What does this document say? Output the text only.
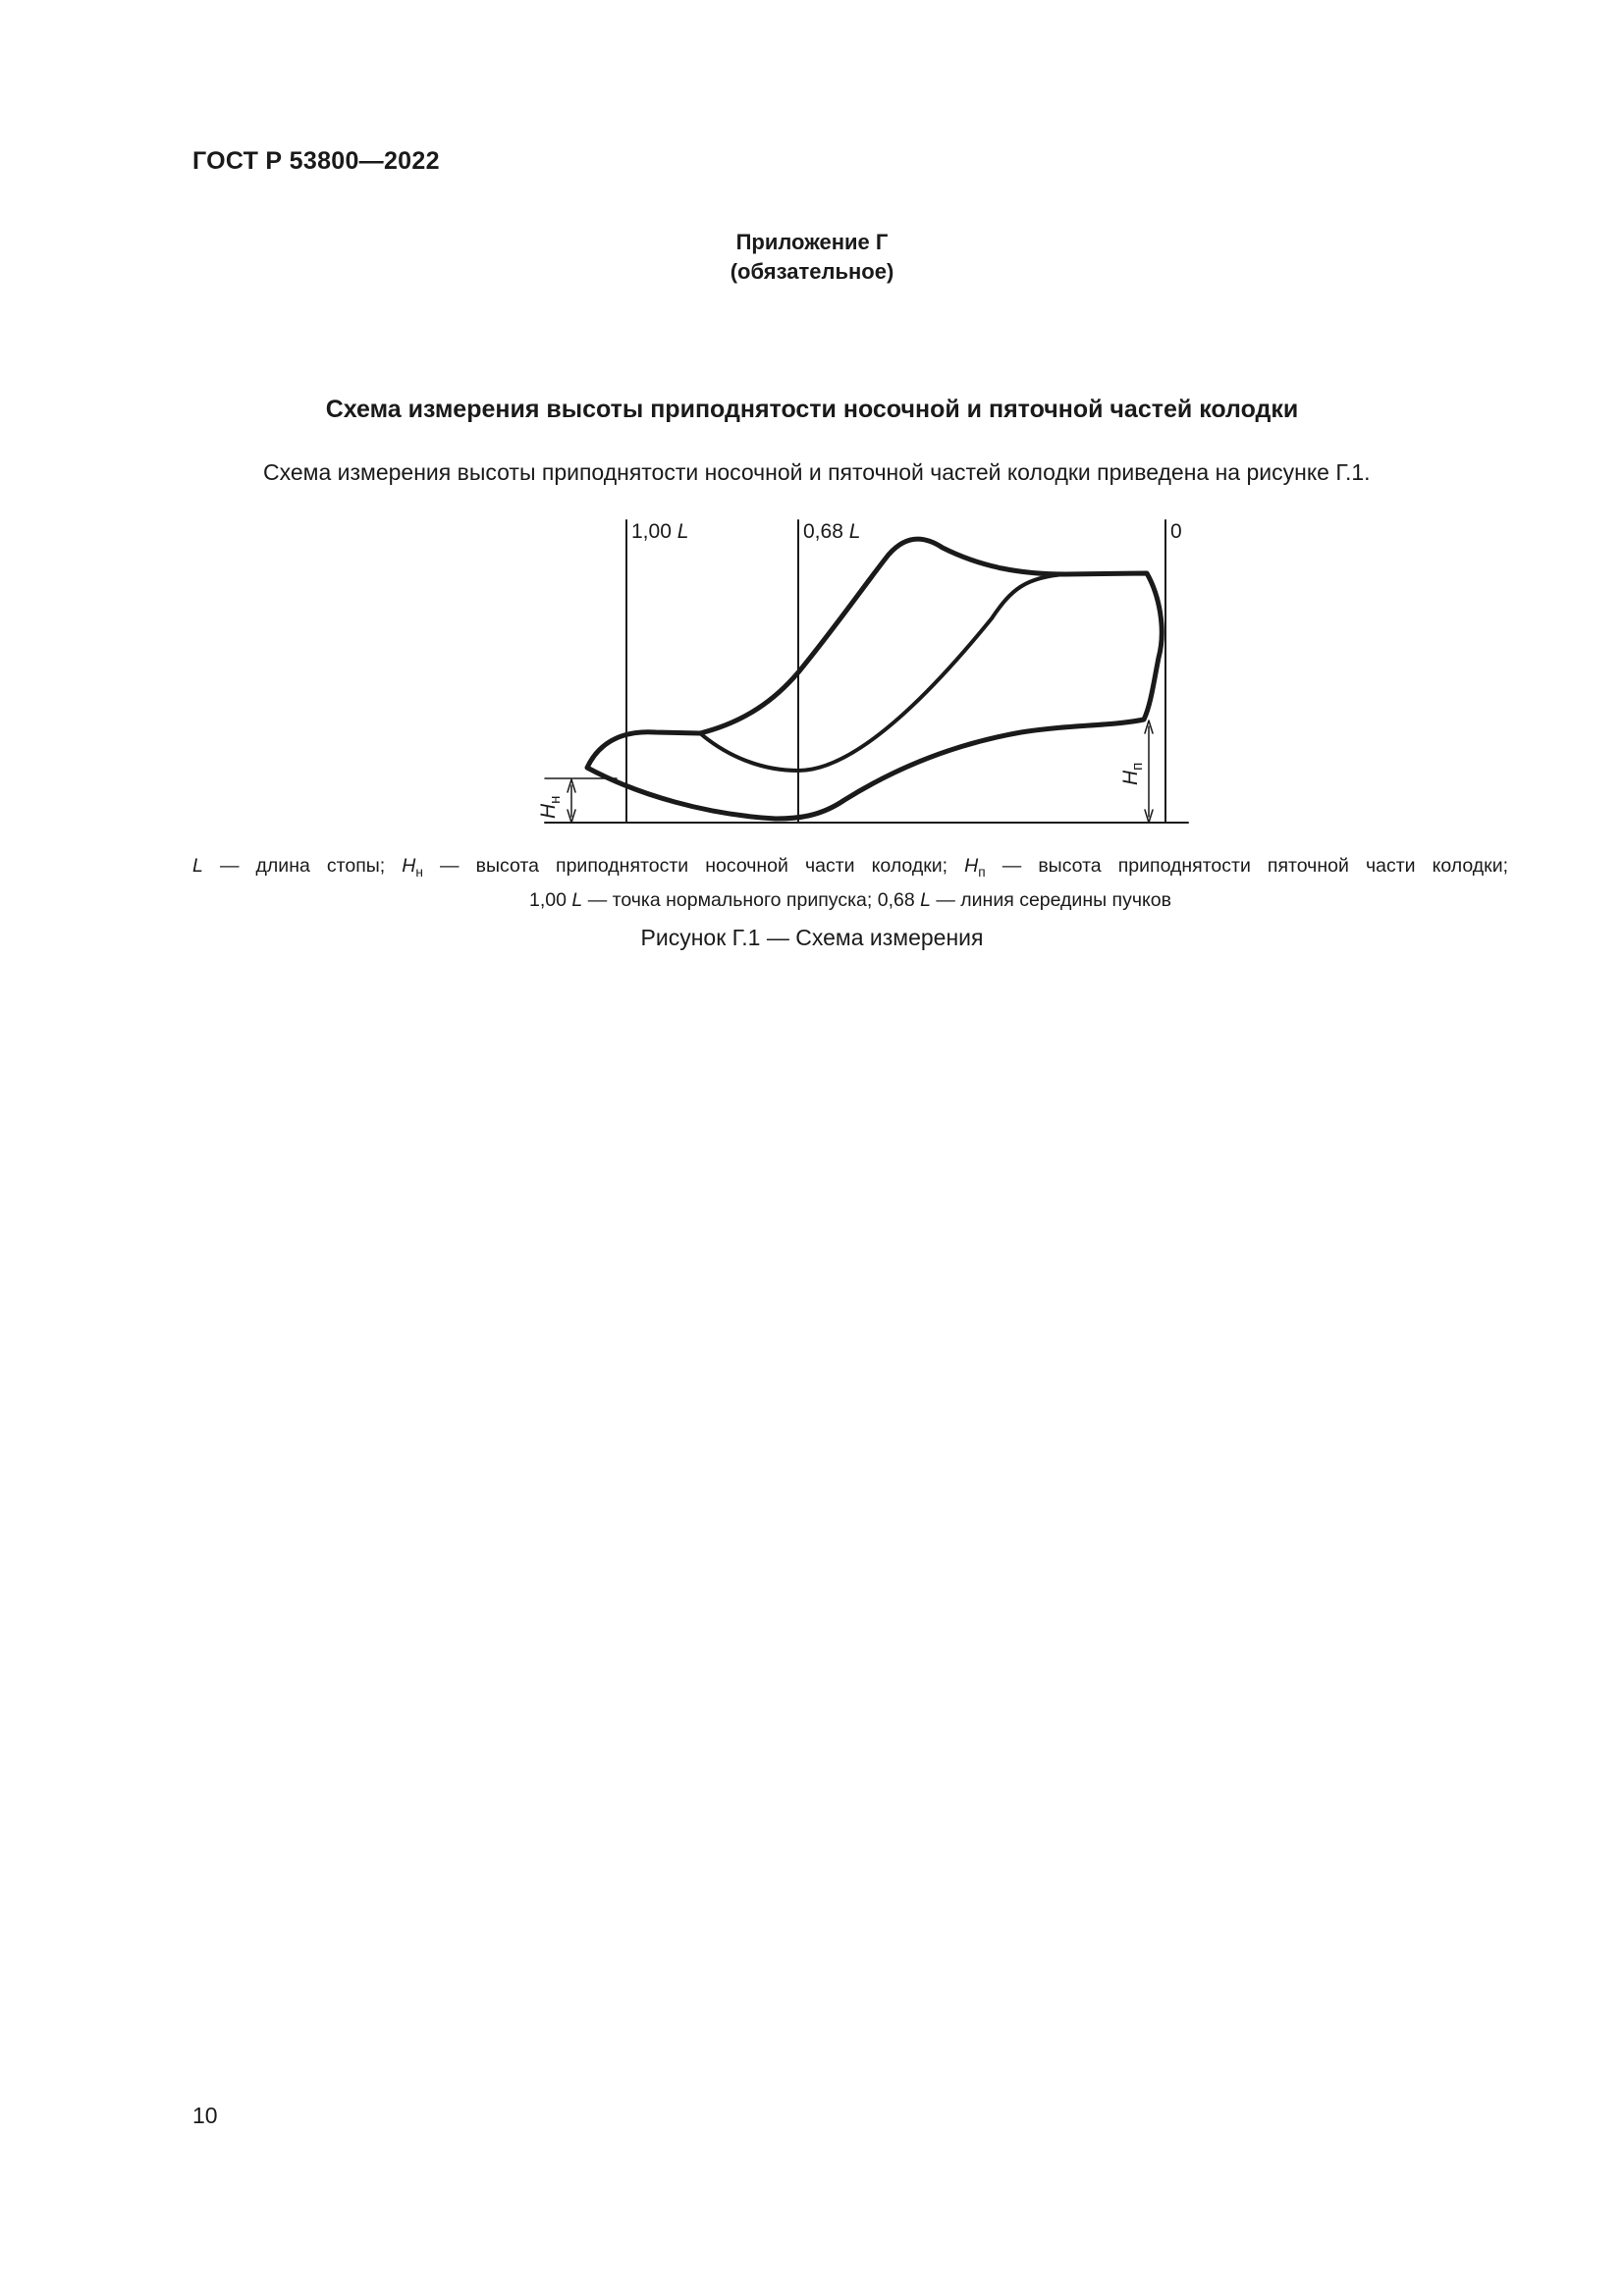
ГОСТ Р 53800—2022
Приложение Г
(обязательное)
Схема измерения высоты приподнятости носочной и пяточной частей колодки
Схема измерения высоты приподнятости носочной и пяточной частей колодки приведена на рисунке Г.1.
1,00 L	0,68 L	0
$H_н$
$H_п$
L — длина стопы; $H_н$ — высота приподнятости носочной части колодки; $H_п$ — высота приподнятости пяточной части колодки;
1,00 L — точка нормального припуска; 0,68 L — линия середины пучков
Рисунок Г.1 — Схема измерения
10
